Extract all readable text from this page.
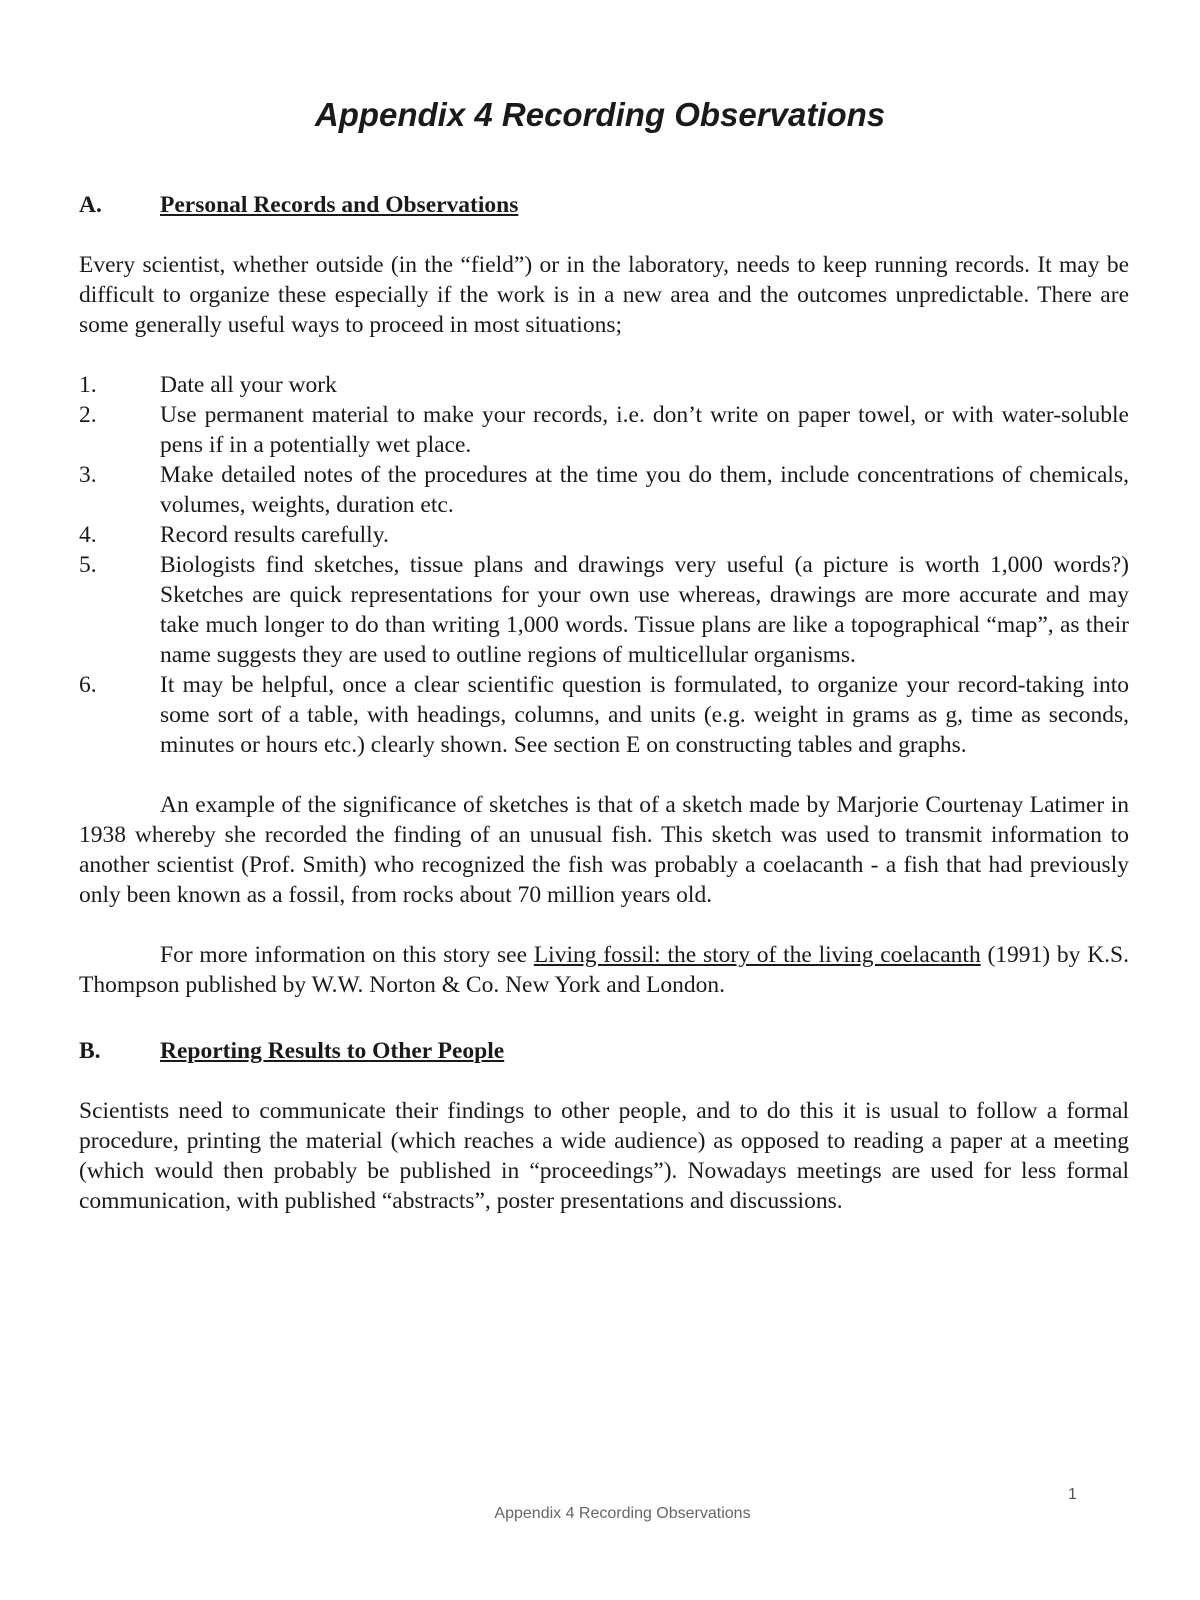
Appendix 4 Recording Observations

A. Personal Records and Observations

Every scientist, whether outside (in the “field”) or in the laboratory, needs to keep running records. It may be difficult to organize these especially if the work is in a new area and the outcomes unpredictable. There are some generally useful ways to proceed in most situations;

1.	Date all your work
2.	Use permanent material to make your records, i.e. don’t write on paper towel, or with water-soluble pens if in a potentially wet place.
3.	Make detailed notes of the procedures at the time you do them, include concentrations of chemicals, volumes, weights, duration etc.
4.	Record results carefully.
5.	Biologists find sketches, tissue plans and drawings very useful (a picture is worth 1,000 words?) Sketches are quick representations for your own use whereas, drawings are more accurate and may take much longer to do than writing 1,000 words. Tissue plans are like a topographical “map”, as their name suggests they are used to outline regions of multicellular organisms.
6.	It may be helpful, once a clear scientific question is formulated, to organize your record-taking into some sort of a table, with headings, columns, and units (e.g. weight in grams as g, time as seconds, minutes or hours etc.) clearly shown. See section E on constructing tables and graphs.

An example of the significance of sketches is that of a sketch made by Marjorie Courtenay Latimer in 1938 whereby she recorded the finding of an unusual fish. This sketch was used to transmit information to another scientist (Prof. Smith) who recognized the fish was probably a coelacanth - a fish that had previously only been known as a fossil, from rocks about 70 million years old.

For more information on this story see Living fossil: the story of the living coelacanth (1991) by K.S. Thompson published by W.W. Norton & Co. New York and London.

B.	Reporting Results to Other People

Scientists need to communicate their findings to other people, and to do this it is usual to follow a formal procedure, printing the material (which reaches a wide audience) as opposed to reading a paper at a meeting (which would then probably be published in “proceedings”). Nowadays meetings are used for less formal communication, with published “abstracts”, poster presentations and discussions.

1
Appendix 4 Recording Observations
